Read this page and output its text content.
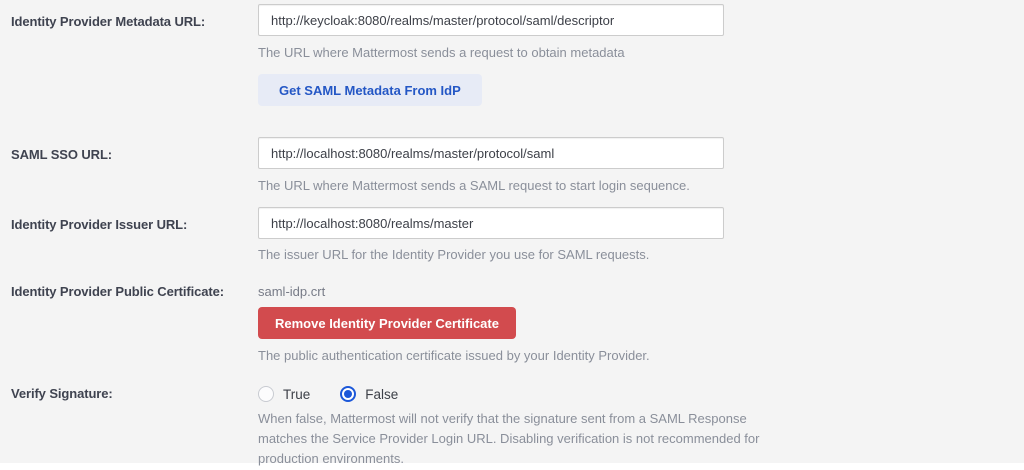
Identity Provider Metadata URL:
http://keycloak:8080/realms/master/protocol/saml/descriptor
The URL where Mattermost sends a request to obtain metadata
Get SAML Metadata From IdP
SAML SSO URL:
http://localhost:8080/realms/master/protocol/saml
The URL where Mattermost sends a SAML request to start login sequence.
Identity Provider Issuer URL:
http://localhost:8080/realms/master
The issuer URL for the Identity Provider you use for SAML requests.
Identity Provider Public Certificate:	saml-idp.crt
Remove Identity Provider Certificate
The public authentication certificate issued by your Identity Provider.
Verify Signature:	True	False
When false, Mattermost will not verify that the signature sent from a SAML Response
matches the Service Provider Login URL. Disabling verification is not recommended for
production environments.
